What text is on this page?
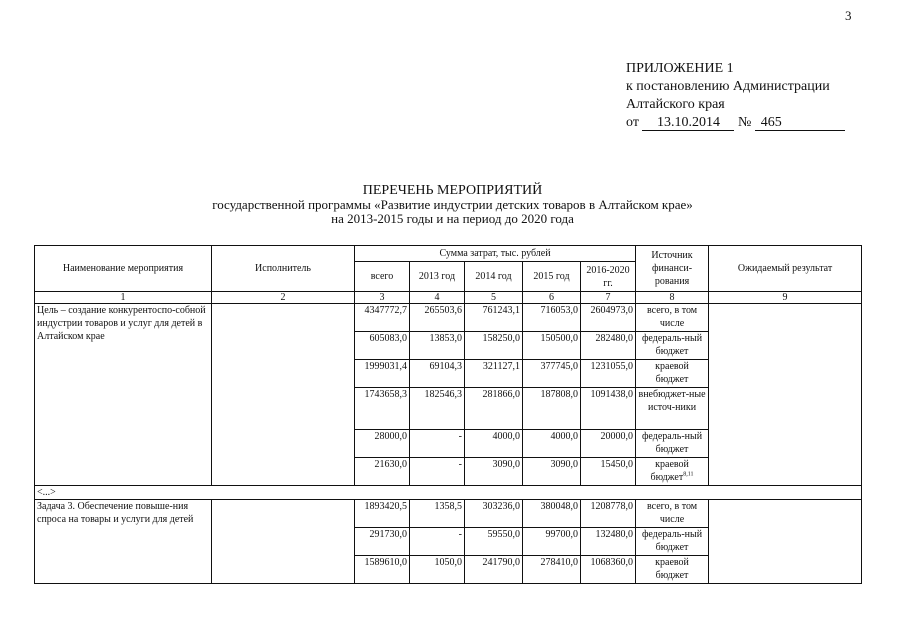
3
ПРИЛОЖЕНИЕ 1
к постановлению Администрации
Алтайского края
от 13.10.2014 № 465
ПЕРЕЧЕНЬ МЕРОПРИЯТИЙ
государственной программы «Развитие индустрии детских товаров в Алтайском крае»
на 2013-2015 годы и на период до 2020 года
Наименование мероприятия	Исполнитель	Сумма затрат, тыс. рублей					Источник финанси-рования	Ожидаемый результат
		всего	2013 год	2014 год	2015 год	2016-2020 гг.		
1	2	3	4	5	6	7	8	9
Цель – создание конкурентоспо-собной индустрии товаров и услуг для детей в Алтайском крае		4347772,7	265503,6	761243,1	716053,0	2604973,0	всего, в том числе	
		605083,0	13853,0	158250,0	150500,0	282480,0	федераль-ный бюджет	
		1999031,4	69104,3	321127,1	377745,0	1231055,0	краевой бюджет	
		1743658,3	182546,3	281866,0	187808,0	1091438,0	внебюджет-ные источ-ники	
		28000,0	-	4000,0	4000,0	20000,0	федераль-ный бюджет	
		21630,0	-	3090,0	3090,0	15450,0	краевой бюджет$^{8,11}$
<...>								
Задача 3. Обеспечение повыше-ния спроса на товары и услуги для детей		1893420,5	1358,5	303236,0	380048,0	1208778,0	всего, в том числе	
		291730,0	-	59550,0	99700,0	132480,0	федераль-ный бюджет	
		1589610,0	1050,0	241790,0	278410,0	1068360,0	краевой бюджет	
